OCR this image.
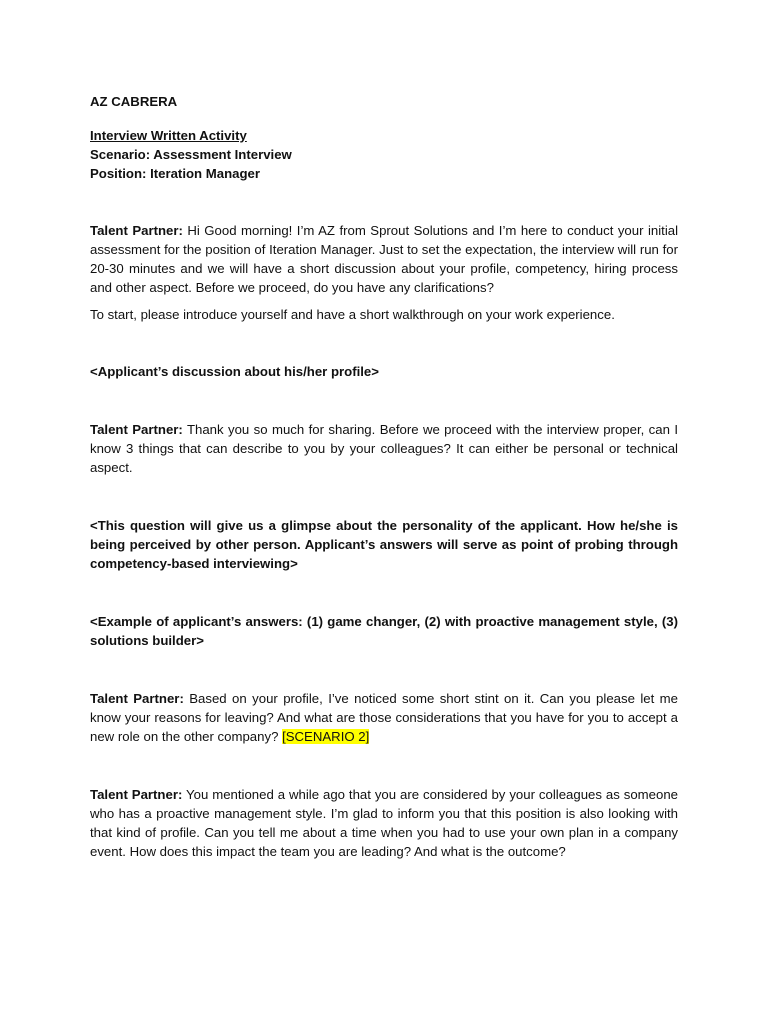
AZ CABRERA

Interview Written Activity

Scenario: Assessment Interview

Position: Iteration Manager

Talent Partner: Hi Good morning! I’m AZ from Sprout Solutions and I’m here to conduct your initial assessment for the position of Iteration Manager. Just to set the expectation, the interview will run for 20-30 minutes and we will have a short discussion about your profile, competency, hiring process and other aspect. Before we proceed, do you have any clarifications?

To start, please introduce yourself and have a short walkthrough on your work experience.

<Applicant’s discussion about his/her profile>

Talent Partner: Thank you so much for sharing. Before we proceed with the interview proper, can I know 3 things that can describe to you by your colleagues? It can either be personal or technical aspect.

<This question will give us a glimpse about the personality of the applicant. How he/she is being perceived by other person. Applicant’s answers will serve as point of probing through competency-based interviewing>

<Example of applicant’s answers: (1) game changer, (2) with proactive management style, (3) solutions builder>

Talent Partner: Based on your profile, I’ve noticed some short stint on it. Can you please let me know your reasons for leaving? And what are those considerations that you have for you to accept a new role on the other company? [SCENARIO 2]

Talent Partner: You mentioned a while ago that you are considered by your colleagues as someone who has a proactive management style. I’m glad to inform you that this position is also looking with that kind of profile. Can you tell me about a time when you had to use your own plan in a company event. How does this impact the team you are leading? And what is the outcome?
